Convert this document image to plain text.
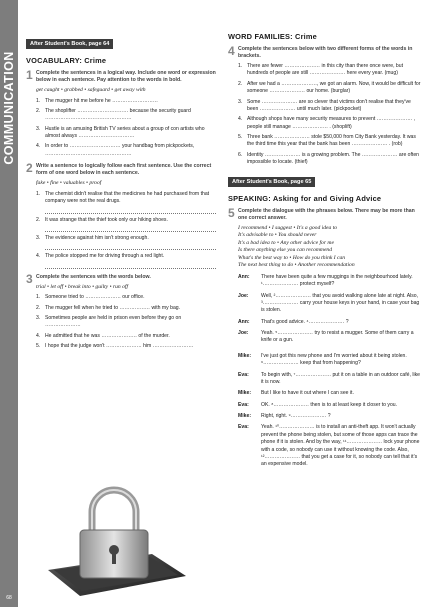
COMMUNICATION
68
After Student's Book, page 64
VOCABULARY: Crime
1 Complete the sentences in a logical way. Include one word or expression below in each sentence. Pay attention to the words in bold.
get caught • grabbed • safeguard • get away with
1. The mugger hit me before he ………………………
2. The shoplifter ………………………… because the security guard ……………………………………………
3. Hustle is an amusing British TV series about a group of con artists who almost always ……………………………
4. In order to ………………………… your handbag from pickpockets, ……………………………………………
2 Write a sentence to logically follow each first sentence. Use the correct form of one word below in each sentence.
fake • fine • valuables • proof
1. The chemist didn't realise that the medicines he had purchased from that company were not the real drugs.
2. It was strange that the thief took only our hiking shoes.
3. The evidence against him isn't strong enough.
4. The police stopped me for driving through a red light.
3 Complete the sentences with the words below.
trial • let off • break into • guilty • run off
1. Someone tried to ………………… our office.
2. The mugger fell when he tried to ……………… with my bag.
3. Sometimes people are held in prison even before they go on …………………
4. He admitted that he was ………………… of the murder.
5. I hope that the judge won't ………………… him ……………………
WORD FAMILIES: Crime
4 Complete the sentences below with two different forms of the words in brackets.
1. There are fewer ………………… in this city than there once were, but hundreds of people are still ………………… here every year. (mug)
2. After we had a …………………, we got an alarm. Now, it would be difficult for someone ………………… our home. (burglar)
3. Some ………………… are so clever that victims don't realise that they've been ………………… until much later. (pickpocket)
4. Although shops have many security measures to prevent ………………… , people still manage ………………… . (shoplift)
5. Three bank ………………… stole $50,000 from City Bank yesterday. It was the third time this year that the bank has been ………………… . (rob)
6. Identity ………………… is a growing problem. The ………………… are often impossible to locate. (thief)
After Student's Book, page 65
SPEAKING: Asking for and Giving Advice
5 Complete the dialogue with the phrases below. There may be more than one correct answer.
I recommend • I suggest • It's a good idea to
It's advisable to • You should never
It's a bad idea to • Any other advice for me
Is there anything else you can recommend
What's the best way to • How do you think I can
The next best thing to do • Another recommendation
Ann:	There have been quite a few muggings in the neighbourhood lately. ¹………………… protect myself?
Joe:	Well, ²………………… that you avoid walking alone late at night. Also, ³………………… carry your house keys in your hand, in case your bag is stolen.
Ann:	That's good advice. ⁴………………… ?
Joe:	Yeah. ⁵………………… try to resist a mugger. Some of them carry a knife or a gun.
Mike:	I've just got this new phone and I'm worried about it being stolen. ⁶………………… keep that from happening?
Eva:	To begin with, ⁷………………… put it on a table in an outdoor café, like it is now.
Mike:	But I like to have it out where I can see it.
Eva:	OK. ⁸………………… then is to at least keep it closer to you.
Mike:	Right, right. ⁹………………… ?
Eva:	Yeah. ¹⁰………………… is to install an anti-theft app. It won't actually prevent the phone being stolen, but some of those apps can trace the phone if it is stolen. And by the way, ¹¹………………… lock your phone with a code, so nobody can use it without knowing the code. Also, ¹²………………… that you get a case for it, so nobody can tell that it's an expensive model.
